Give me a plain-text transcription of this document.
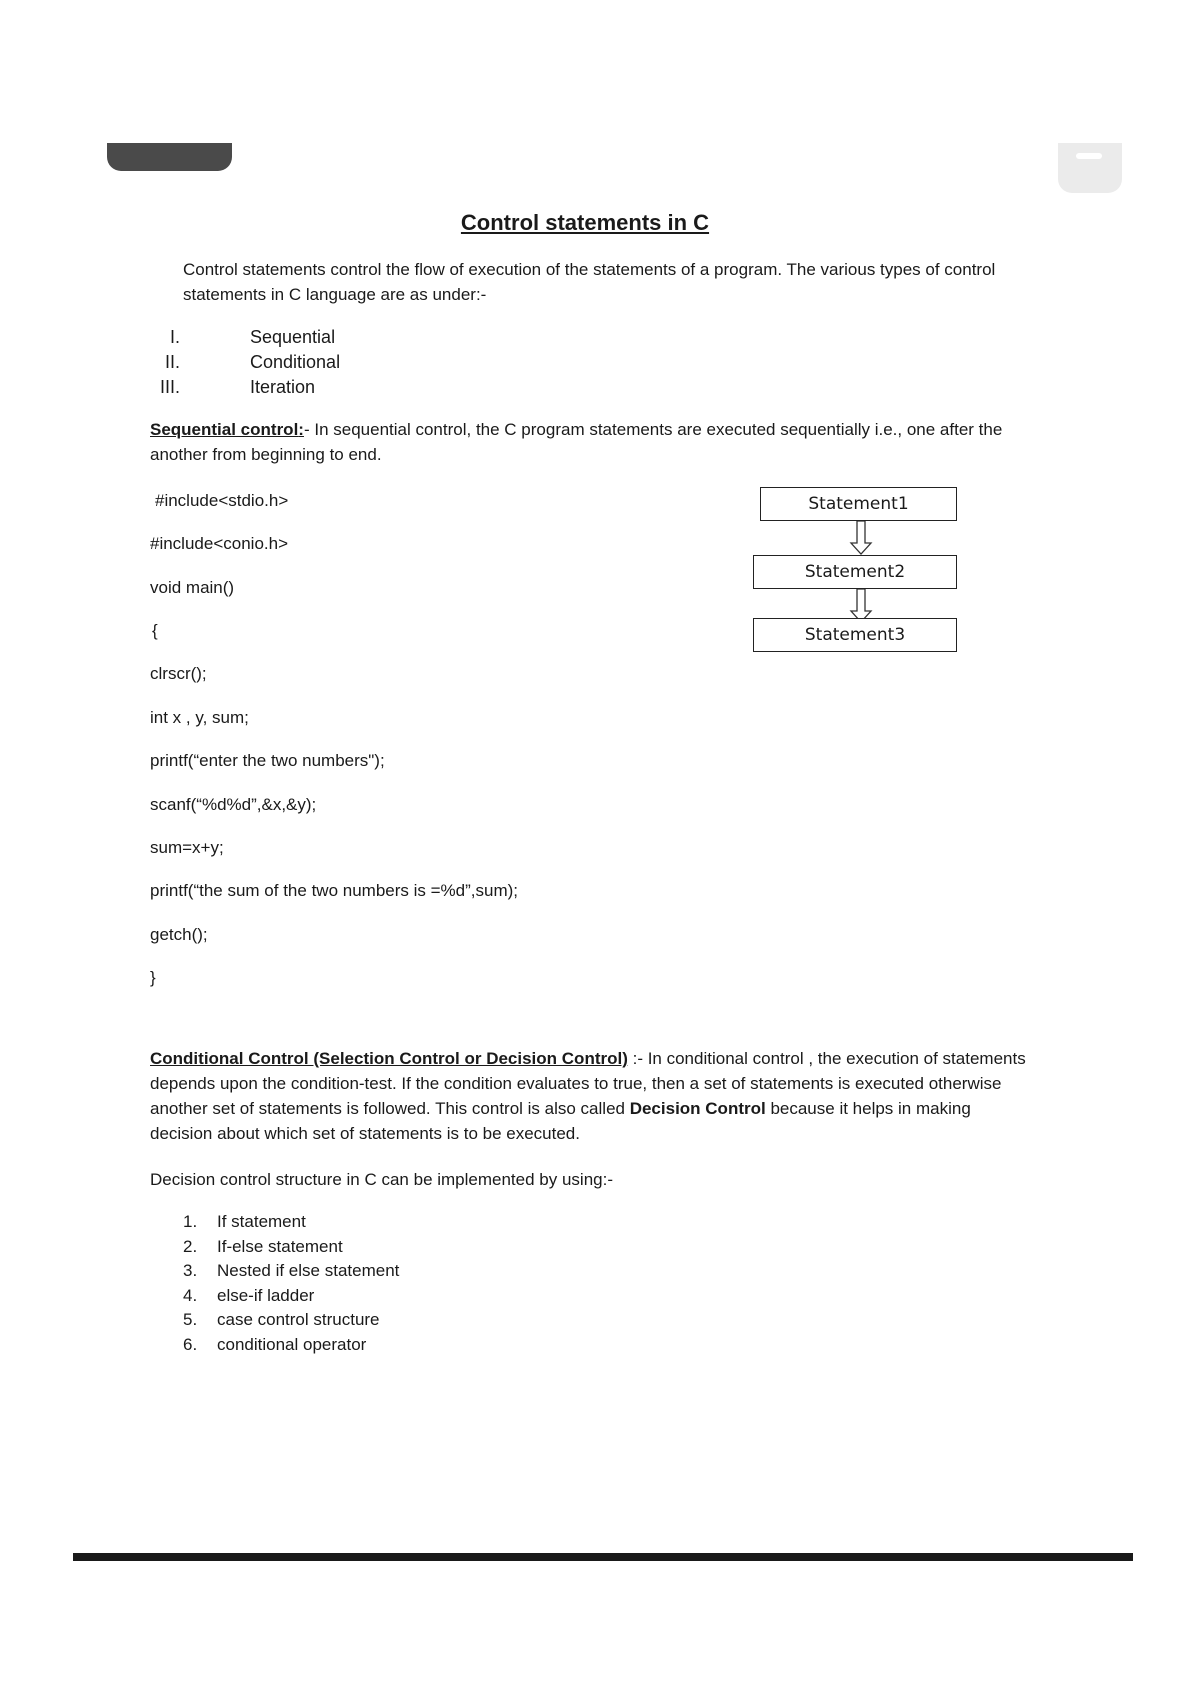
Control statements in C
Control statements control the flow of execution of the statements of a program. The various types of control statements in C language are as under:-
I.	Sequential
II.	Conditional
III.	Iteration
Sequential control:- In sequential control, the C program statements are executed sequentially i.e., one after the another from beginning to end.
#include<stdio.h>
#include<conio.h>
void main()
{
clrscr();
int x , y, sum;
printf(“enter the two numbers");
scanf(“%d%d”,&x,&y);
sum=x+y;
printf(“the sum of the two numbers is =%d”,sum);
getch();
}
Statement1
Statement2
Statement3
Conditional Control (Selection Control or Decision Control) :- In conditional control , the execution of statements depends upon the condition-test. If the condition evaluates to true, then a set of statements is executed otherwise another set of statements is followed. This control is also called Decision Control because it helps in making decision about which set of statements is to be executed.
Decision control structure in C can be implemented by using:-
1.	If statement
2.	If-else statement
3.	Nested if else statement
4.	else-if ladder
5.	case control structure
6.	conditional operator
